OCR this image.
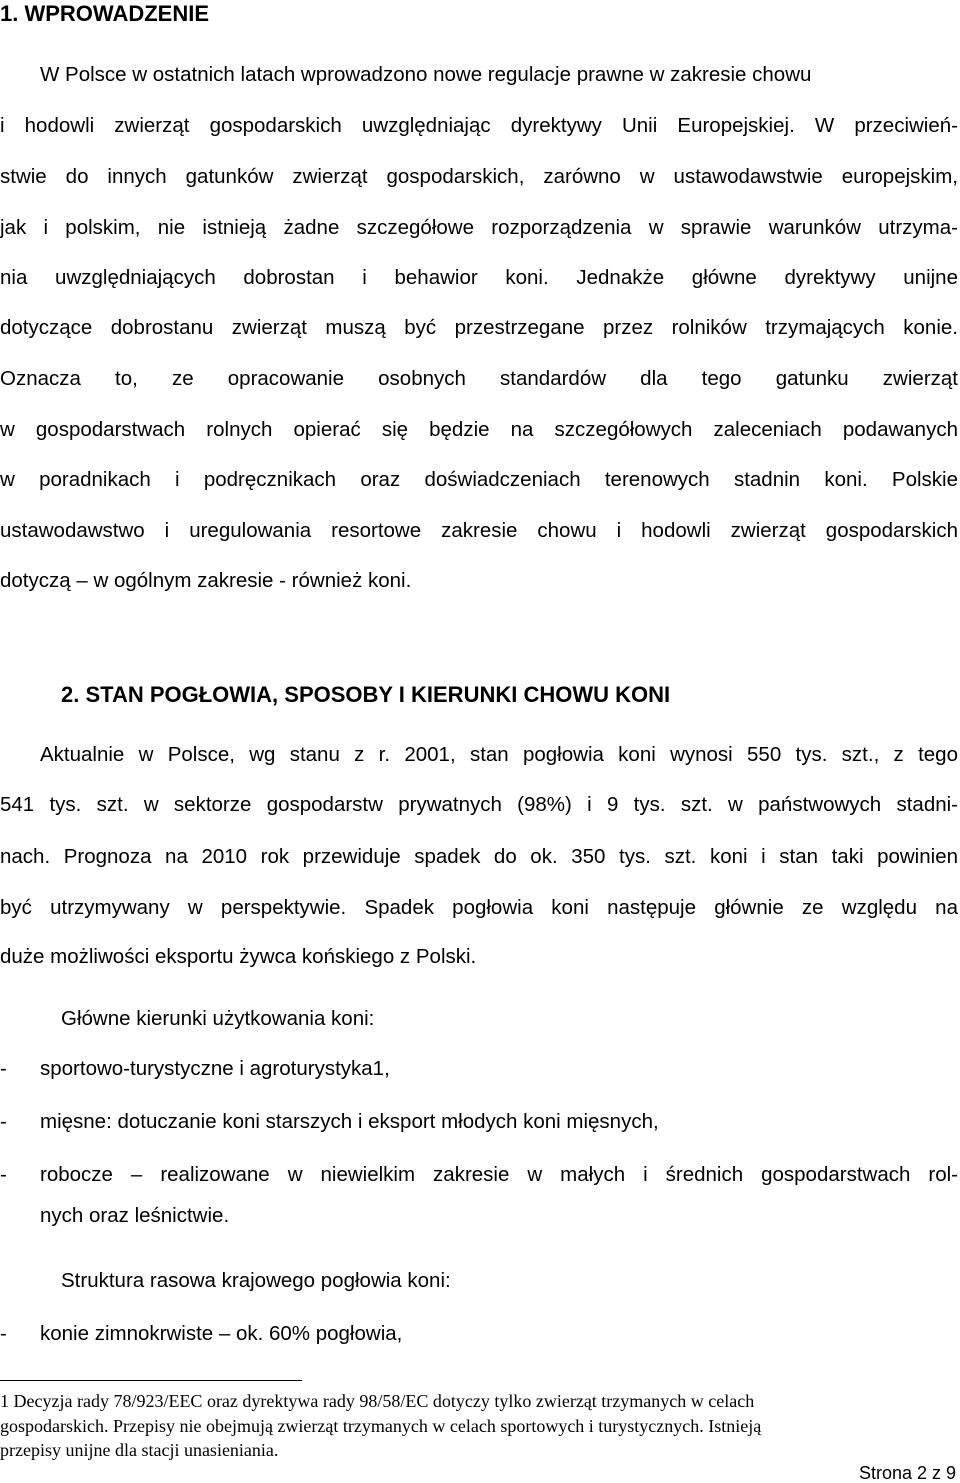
1. WPROWADZENIE
W Polsce w ostatnich latach wprowadzono nowe regulacje prawne w zakresie chowu
i hodowli zwierząt gospodarskich uwzględniając dyrektywy Unii Europejskiej. W przeciwień-
stwie do innych gatunków zwierząt gospodarskich, zarówno w ustawodawstwie europejskim,
jak i polskim, nie istnieją żadne szczegółowe rozporządzenia w sprawie warunków utrzyma-
nia uwzględniających dobrostan i behawior koni. Jednakże główne dyrektywy unijne
dotyczące dobrostanu zwierząt muszą być przestrzegane przez rolników trzymających konie.
Oznacza to, ze opracowanie osobnych standardów dla tego gatunku zwierząt
w gospodarstwach rolnych opierać się będzie na szczegółowych zaleceniach podawanych
w poradnikach i podręcznikach oraz doświadczeniach terenowych stadnin koni. Polskie
ustawodawstwo i uregulowania resortowe zakresie chowu i hodowli zwierząt gospodarskich
dotyczą – w ogólnym zakresie - również koni.
2. STAN POGŁOWIA, SPOSOBY I KIERUNKI CHOWU KONI
Aktualnie w Polsce, wg stanu z r. 2001, stan pogłowia koni wynosi 550 tys. szt., z tego
541 tys. szt. w sektorze gospodarstw prywatnych (98%) i 9 tys. szt. w państwowych stadni-
nach. Prognoza na 2010 rok przewiduje spadek do ok. 350 tys. szt. koni i stan taki powinien
być utrzymywany w perspektywie. Spadek pogłowia koni następuje głównie ze względu na
duże możliwości eksportu żywca końskiego z Polski.
Główne kierunki użytkowania koni:
- sportowo-turystyczne i agroturystyka1,
- mięsne: dotuczanie koni starszych i eksport młodych koni mięsnych,
- robocze – realizowane w niewielkim zakresie w małych i średnich gospodarstwach rol-
nych oraz leśnictwie.
Struktura rasowa krajowego pogłowia koni:
- konie zimnokrwiste – ok. 60% pogłowia,
1 Decyzja rady 78/923/EEC oraz dyrektywa rady 98/58/EC dotyczy tylko zwierząt trzymanych w celach
gospodarskich. Przepisy nie obejmują zwierząt trzymanych w celach sportowych i turystycznych. Istnieją
przepisy unijne dla stacji unasieniania.
Strona 2 z 9
